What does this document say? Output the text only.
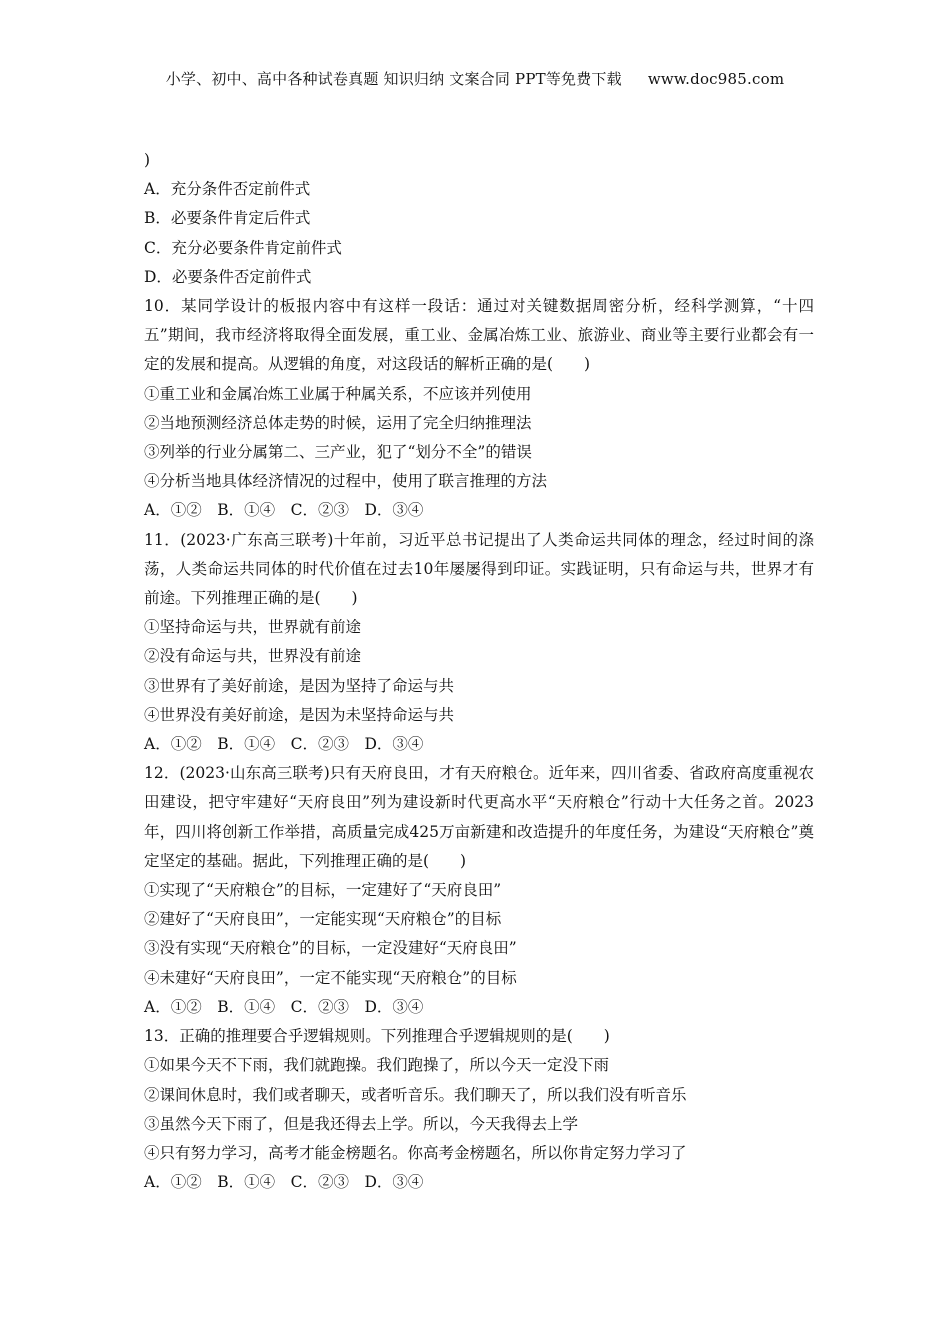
小学、初中、高中各种试卷真题 知识归纳 文案合同 PPT等免费下载 www.doc985.com

)

A．充分条件否定前件式

B．必要条件肯定后件式

C．充分必要条件肯定前件式

D．必要条件否定前件式

10．某同学设计的板报内容中有这样一段话：通过对关键数据周密分析，经科学测算，“十四五”期间，我市经济将取得全面发展，重工业、金属冶炼工业、旅游业、商业等主要行业都会有一定的发展和提高。从逻辑的角度，对这段话的解析正确的是(　　)

①重工业和金属冶炼工业属于种属关系，不应该并列使用

②当地预测经济总体走势的时候，运用了完全归纳推理法

③列举的行业分属第二、三产业，犯了“划分不全”的错误

④分析当地具体经济情况的过程中，使用了联言推理的方法

A．①②　B．①④　C．②③　D．③④

11．(2023·广东高三联考)十年前，习近平总书记提出了人类命运共同体的理念，经过时间的涤荡，人类命运共同体的时代价值在过去10年屡屡得到印证。实践证明，只有命运与共，世界才有前途。下列推理正确的是(　　)

①坚持命运与共，世界就有前途

②没有命运与共，世界没有前途

③世界有了美好前途，是因为坚持了命运与共

④世界没有美好前途，是因为未坚持命运与共

A．①②　B．①④　C．②③　D．③④

12．(2023·山东高三联考)只有天府良田，才有天府粮仓。近年来，四川省委、省政府高度重视农田建设，把守牢建好“天府良田”列为建设新时代更高水平“天府粮仓”行动十大任务之首。2023年，四川将创新工作举措，高质量完成425万亩新建和改造提升的年度任务，为建设“天府粮仓”奠定坚定的基础。据此，下列推理正确的是(　　)

①实现了“天府粮仓”的目标，一定建好了“天府良田”

②建好了“天府良田”，一定能实现“天府粮仓”的目标

③没有实现“天府粮仓”的目标，一定没建好“天府良田”

④未建好“天府良田”，一定不能实现“天府粮仓”的目标

A．①②　B．①④　C．②③　D．③④

13．正确的推理要合乎逻辑规则。下列推理合乎逻辑规则的是(　　)

①如果今天不下雨，我们就跑操。我们跑操了，所以今天一定没下雨

②课间休息时，我们或者聊天，或者听音乐。我们聊天了，所以我们没有听音乐

③虽然今天下雨了，但是我还得去上学。所以，今天我得去上学

④只有努力学习，高考才能金榜题名。你高考金榜题名，所以你肯定努力学习了

A．①②　B．①④　C．②③　D．③④
